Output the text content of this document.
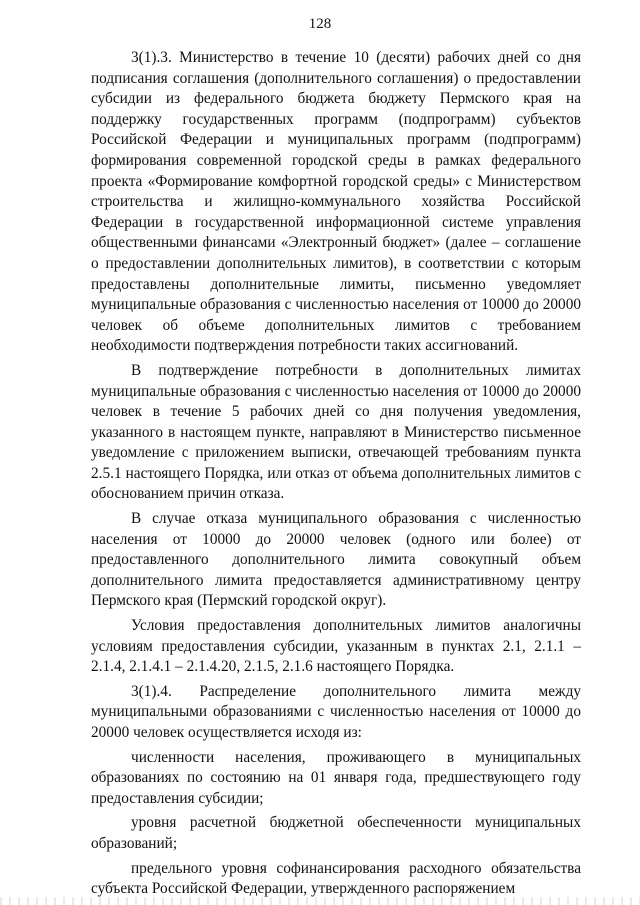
128

3(1).3. Министерство в течение 10 (десяти) рабочих дней со дня подписания соглашения (дополнительного соглашения) о предоставлении субсидии из федерального бюджета бюджету Пермского края на поддержку государственных программ (подпрограмм) субъектов Российской Федерации и муниципальных программ (подпрограмм) формирования современной городской среды в рамках федерального проекта «Формирование комфортной городской среды» с Министерством строительства и жилищно-коммунального хозяйства Российской Федерации в государственной информационной системе управления общественными финансами «Электронный бюджет» (далее – соглашение о предоставлении дополнительных лимитов), в соответствии с которым предоставлены дополнительные лимиты, письменно уведомляет муниципальные образования с численностью населения от 10000 до 20000 человек об объеме дополнительных лимитов с требованием необходимости подтверждения потребности таких ассигнований.

В подтверждение потребности в дополнительных лимитах муниципальные образования с численностью населения от 10000 до 20000 человек в течение 5 рабочих дней со дня получения уведомления, указанного в настоящем пункте, направляют в Министерство письменное уведомление с приложением выписки, отвечающей требованиям пункта 2.5.1 настоящего Порядка, или отказ от объема дополнительных лимитов с обоснованием причин отказа.

В случае отказа муниципального образования с численностью населения от 10000 до 20000 человек (одного или более) от предоставленного дополнительного лимита совокупный объем дополнительного лимита предоставляется административному центру Пермского края (Пермский городской округ).

Условия предоставления дополнительных лимитов аналогичны условиям предоставления субсидии, указанным в пунктах 2.1, 2.1.1 – 2.1.4, 2.1.4.1 – 2.1.4.20, 2.1.5, 2.1.6 настоящего Порядка.

3(1).4. Распределение дополнительного лимита между муниципальными образованиями с численностью населения от 10000 до 20000 человек осуществляется исходя из:

численности населения, проживающего в муниципальных образованиях по состоянию на 01 января года, предшествующего году предоставления субсидии;

уровня расчетной бюджетной обеспеченности муниципальных образований;

предельного уровня софинансирования расходного обязательства субъекта Российской Федерации, утвержденного распоряжением
